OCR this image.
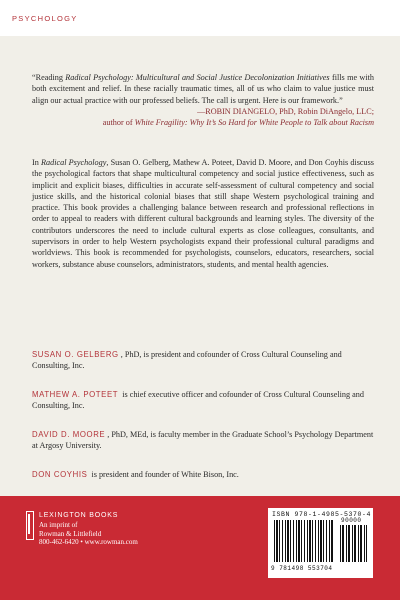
PSYCHOLOGY
“Reading Radical Psychology: Multicultural and Social Justice Decolonization Initiatives fills me with both excitement and relief. In these racially traumatic times, all of us who claim to value justice must align our actual practice with our professed beliefs. The call is urgent. Here is our framework.”
—ROBIN DIANGELO, PhD, Robin DiAngelo, LLC;
author of White Fragility: Why It’s So Hard for White People to Talk about Racism
In Radical Psychology, Susan O. Gelberg, Mathew A. Poteet, David D. Moore, and Don Coyhis discuss the psychological factors that shape multicultural competency and social justice effectiveness, such as implicit and explicit biases, difficulties in accurate self-assessment of cultural competency and social justice skills, and the historical colonial biases that still shape Western psychological training and practice. This book provides a challenging balance between research and professional reflections in order to appeal to readers with different cultural backgrounds and learning styles. The diversity of the contributors underscores the need to include cultural experts as close colleagues, consultants, and supervisors in order to help Western psychologists expand their professional cultural paradigms and worldviews. This book is recommended for psychologists, counselors, educators, researchers, social workers, substance abuse counselors, administrators, students, and mental health agencies.
SUSAN O. GELBERG , PhD, is president and cofounder of Cross Cultural Counseling and Consulting, Inc.
MATHEW A. POTEET is chief executive officer and cofounder of Cross Cultural Counseling and Consulting, Inc.
DAVID D. MOORE , PhD, MEd, is faculty member in the Graduate School’s Psychology Department at Argosy University.
DON COYHIS is president and founder of White Bison, Inc.
LEXINGTON BOOKS
An imprint of
Rowman & Littlefield
800-462-6420 • www.rowman.com
ISBN 978-1-4985-5370-4
90000
9 781498 553704
